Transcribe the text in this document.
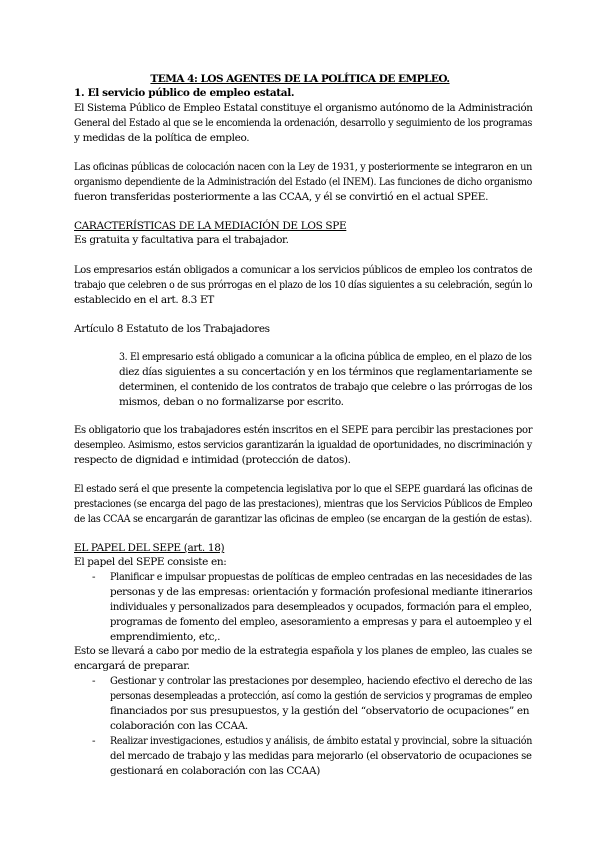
TEMA 4: LOS AGENTES DE LA POLÍTICA DE EMPLEO.
1. El servicio público de empleo estatal.
El Sistema Público de Empleo Estatal constituye el organismo autónomo de la Administración
General del Estado al que se le encomienda la ordenación, desarrollo y seguimiento de los programas
y medidas de la política de empleo.
Las oficinas públicas de colocación nacen con la Ley de 1931, y posteriormente se integraron en un
organismo dependiente de la Administración del Estado (el INEM). Las funciones de dicho organismo
fueron transferidas posteriormente a las CCAA, y él se convirtió en el actual SPEE.
CARACTERÍSTICAS DE LA MEDIACIÓN DE LOS SPE
Es gratuita y facultativa para el trabajador.
Los empresarios están obligados a comunicar a los servicios públicos de empleo los contratos de
trabajo que celebren o de sus prórrogas en el plazo de los 10 días siguientes a su celebración, según lo
establecido en el art. 8.3 ET
Artículo 8 Estatuto de los Trabajadores
3. El empresario está obligado a comunicar a la oficina pública de empleo, en el plazo de los
diez días siguientes a su concertación y en los términos que reglamentariamente se
determinen, el contenido de los contratos de trabajo que celebre o las prórrogas de los
mismos, deban o no formalizarse por escrito.
Es obligatorio que los trabajadores estén inscritos en el SEPE para percibir las prestaciones por
desempleo. Asimismo, estos servicios garantizarán la igualdad de oportunidades, no discriminación y
respecto de dignidad e intimidad (protección de datos).
El estado será el que presente la competencia legislativa por lo que el SEPE guardará las oficinas de
prestaciones (se encarga del pago de las prestaciones), mientras que los Servicios Públicos de Empleo
de las CCAA se encargarán de garantizar las oficinas de empleo (se encargan de la gestión de estas).
EL PAPEL DEL SEPE (art. 18)
El papel del SEPE consiste en:
- Planificar e impulsar propuestas de políticas de empleo centradas en las necesidades de las
personas y de las empresas: orientación y formación profesional mediante itinerarios
individuales y personalizados para desempleados y ocupados, formación para el empleo,
programas de fomento del empleo, asesoramiento a empresas y para el autoempleo y el
emprendimiento, etc,.
Esto se llevará a cabo por medio de la estrategia española y los planes de empleo, las cuales se
encargará de preparar.
- Gestionar y controlar las prestaciones por desempleo, haciendo efectivo el derecho de las
personas desempleadas a protección, así como la gestión de servicios y programas de empleo
financiados por sus presupuestos, y la gestión del “observatorio de ocupaciones” en
colaboración con las CCAA.
- Realizar investigaciones, estudios y análisis, de ámbito estatal y provincial, sobre la situación
del mercado de trabajo y las medidas para mejorarlo (el observatorio de ocupaciones se
gestionará en colaboración con las CCAA)
